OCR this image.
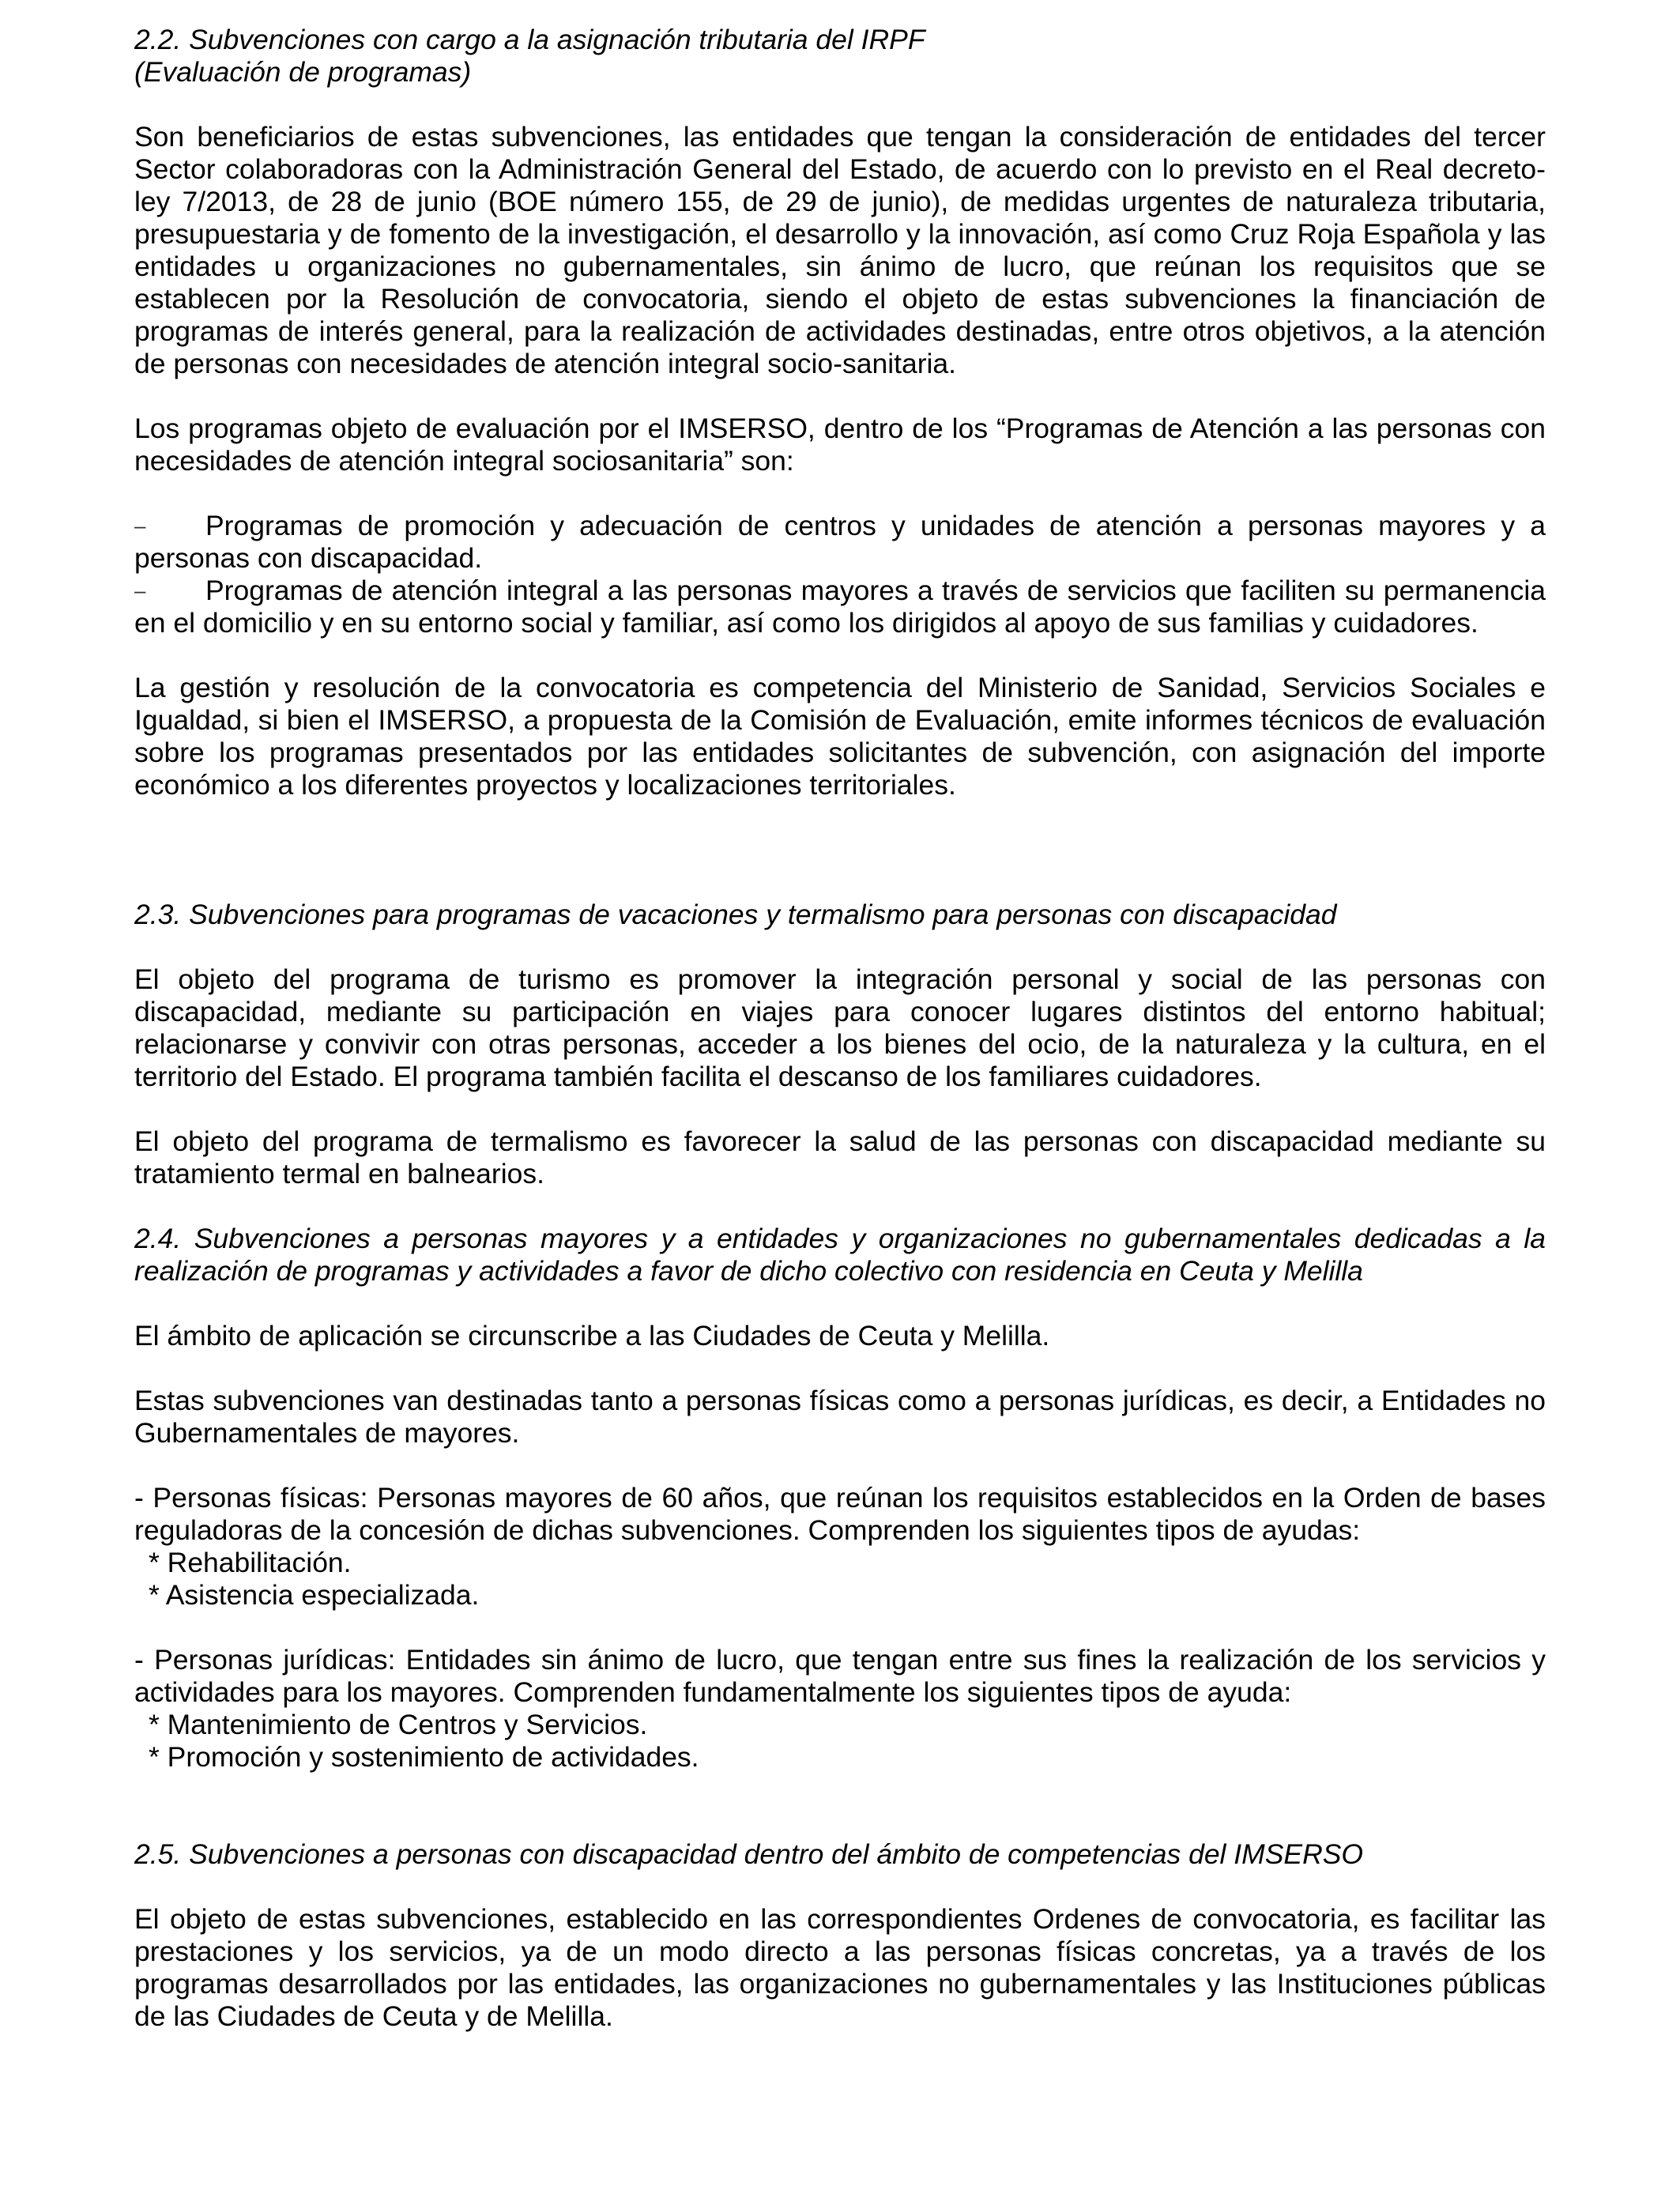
2.2. Subvenciones con cargo a la asignación tributaria del IRPF

(Evaluación de programas)

Son beneficiarios de estas subvenciones, las entidades que tengan la consideración de entidades del tercer Sector colaboradoras con la Administración General del Estado, de acuerdo con lo previsto en el Real decreto-ley 7/2013, de 28 de junio (BOE número 155, de 29 de junio), de medidas urgentes de naturaleza tributaria, presupuestaria y de fomento de la investigación, el desarrollo y la innovación, así como Cruz Roja Española y las entidades u organizaciones no gubernamentales, sin ánimo de lucro, que reúnan los requisitos que se establecen por la Resolución de convocatoria, siendo el objeto de estas subvenciones la financiación de programas de interés general, para la realización de actividades destinadas, entre otros objetivos, a la atención de personas con necesidades de atención integral socio-sanitaria.

Los programas objeto de evaluación por el IMSERSO, dentro de los “Programas de Atención a las personas con necesidades de atención integral sociosanitaria” son:

– Programas de promoción y adecuación de centros y unidades de atención a personas mayores y a personas con discapacidad.

– Programas de atención integral a las personas mayores a través de servicios que faciliten su permanencia en el domicilio y en su entorno social y familiar, así como los dirigidos al apoyo de sus familias y cuidadores.

La gestión y resolución de la convocatoria es competencia del Ministerio de Sanidad, Servicios Sociales e Igualdad, si bien el IMSERSO, a propuesta de la Comisión de Evaluación, emite informes técnicos de evaluación sobre los programas presentados por las entidades solicitantes de subvención, con asignación del importe económico a los diferentes proyectos y localizaciones territoriales.

2.3. Subvenciones para programas de vacaciones y termalismo para personas con discapacidad

El objeto del programa de turismo es promover la integración personal y social de las personas con discapacidad, mediante su participación en viajes para conocer lugares distintos del entorno habitual; relacionarse y convivir con otras personas, acceder a los bienes del ocio, de la naturaleza y la cultura, en el territorio del Estado. El programa también facilita el descanso de los familiares cuidadores.

El objeto del programa de termalismo es favorecer la salud de las personas con discapacidad mediante su tratamiento termal en balnearios.

2.4. Subvenciones a personas mayores y a entidades y organizaciones no gubernamentales dedicadas a la realización de programas y actividades a favor de dicho colectivo con residencia en Ceuta y Melilla

El ámbito de aplicación se circunscribe a las Ciudades de Ceuta y Melilla.

Estas subvenciones van destinadas tanto a personas físicas como a personas jurídicas, es decir, a Entidades no Gubernamentales de mayores.

- Personas físicas: Personas mayores de 60 años, que reúnan los requisitos establecidos en la Orden de bases reguladoras de la concesión de dichas subvenciones. Comprenden los siguientes tipos de ayudas:

* Rehabilitación.

* Asistencia especializada.

- Personas jurídicas: Entidades sin ánimo de lucro, que tengan entre sus fines la realización de los servicios y actividades para los mayores. Comprenden fundamentalmente los siguientes tipos de ayuda:

* Mantenimiento de Centros y Servicios.

* Promoción y sostenimiento de actividades.

2.5. Subvenciones a personas con discapacidad dentro del ámbito de competencias del IMSERSO

El objeto de estas subvenciones, establecido en las correspondientes Ordenes de convocatoria, es facilitar las prestaciones y los servicios, ya de un modo directo a las personas físicas concretas, ya a través de los programas desarrollados por las entidades, las organizaciones no gubernamentales y las Instituciones públicas de las Ciudades de Ceuta y de Melilla.
